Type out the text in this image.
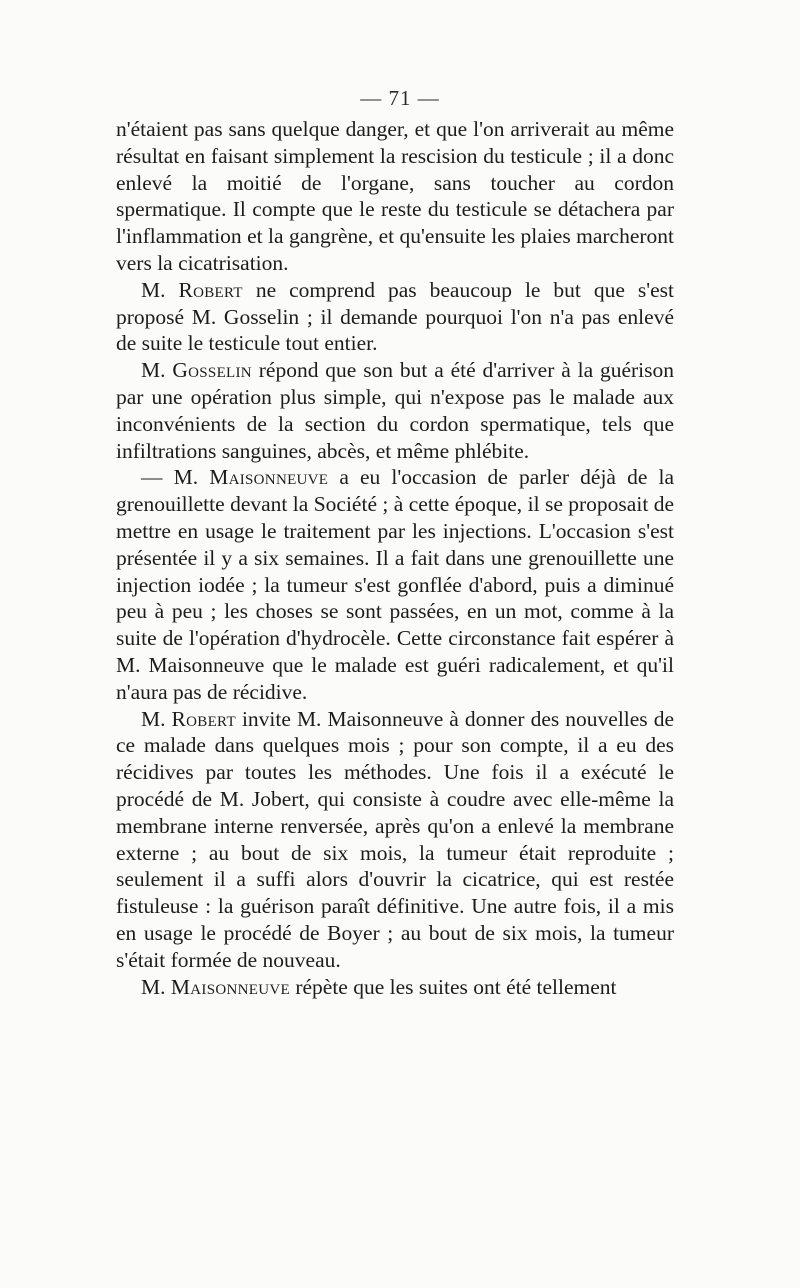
— 71 —

n'étaient pas sans quelque danger, et que l'on arriverait au même résultat en faisant simplement la rescision du testicule ; il a donc enlevé la moitié de l'organe, sans toucher au cordon spermatique. Il compte que le reste du testicule se détachera par l'inflammation et la gangrène, et qu'ensuite les plaies marcheront vers la cicatrisation.

M. Robert ne comprend pas beaucoup le but que s'est proposé M. Gosselin ; il demande pourquoi l'on n'a pas enlevé de suite le testicule tout entier.

M. Gosselin répond que son but a été d'arriver à la guérison par une opération plus simple, qui n'expose pas le malade aux inconvénients de la section du cordon spermatique, tels que infiltrations sanguines, abcès, et même phlébite.

— M. Maisonneuve a eu l'occasion de parler déjà de la grenouillette devant la Société ; à cette époque, il se proposait de mettre en usage le traitement par les injections. L'occasion s'est présentée il y a six semaines. Il a fait dans une grenouillette une injection iodée ; la tumeur s'est gonflée d'abord, puis a diminué peu à peu ; les choses se sont passées, en un mot, comme à la suite de l'opération d'hydrocèle. Cette circonstance fait espérer à M. Maisonneuve que le malade est guéri radicalement, et qu'il n'aura pas de récidive.

M. Robert invite M. Maisonneuve à donner des nouvelles de ce malade dans quelques mois ; pour son compte, il a eu des récidives par toutes les méthodes. Une fois il a exécuté le procédé de M. Jobert, qui consiste à coudre avec elle-même la membrane interne renversée, après qu'on a enlevé la membrane externe ; au bout de six mois, la tumeur était reproduite ; seulement il a suffi alors d'ouvrir la cicatrice, qui est restée fistuleuse : la guérison paraît définitive. Une autre fois, il a mis en usage le procédé de Boyer ; au bout de six mois, la tumeur s'était formée de nouveau.

M. Maisonneuve répète que les suites ont été tellement
